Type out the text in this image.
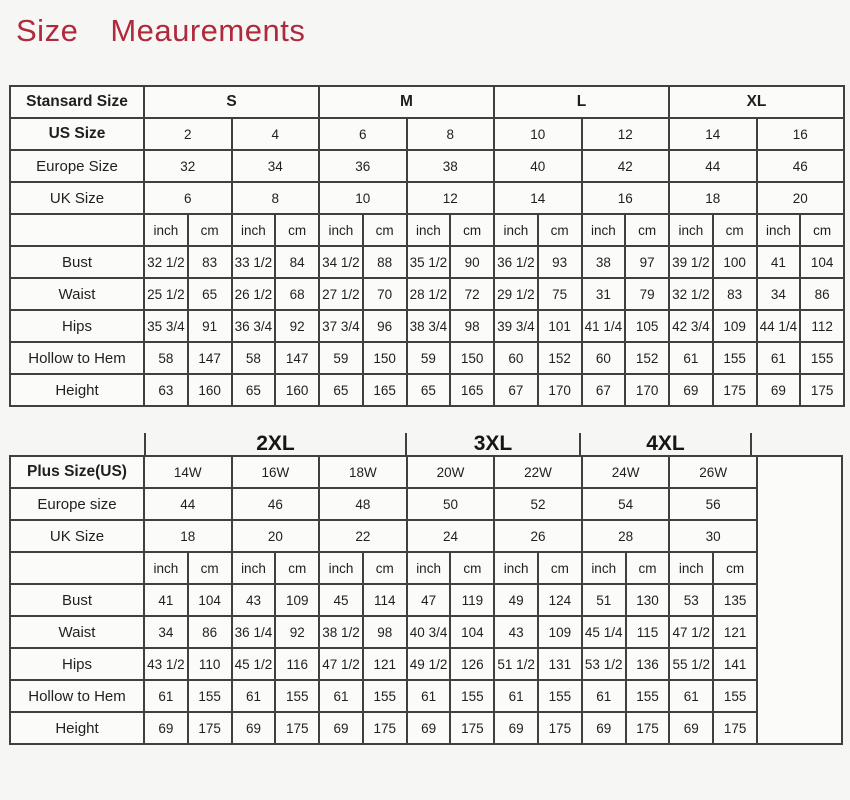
Size Meaurements
Stansard Size	S				M				L				XL			
US Size	2		4		6		8		10		12		14		16	
Europe Size	32		34		36		38		40		42		44		46	
UK Size	6		8		10		12		14		16		18		20	
	inch	cm	inch	cm	inch	cm	inch	cm	inch	cm	inch	cm	inch	cm	inch	cm
Bust	32 1/2	83	33 1/2	84	34 1/2	88	35 1/2	90	36 1/2	93	38	97	39 1/2	100	41	104
Waist	25 1/2	65	26 1/2	68	27 1/2	70	28 1/2	72	29 1/2	75	31	79	32 1/2	83	34	86
Hips	35 3/4	91	36 3/4	92	37 3/4	96	38 3/4	98	39 3/4	101	41 1/4	105	42 3/4	109	44 1/4	112
Hollow to Hem	58	147	58	147	59	150	59	150	60	152	60	152	61	155	61	155
Height	63	160	65	160	65	165	65	165	67	170	67	170	69	175	69	175
2XL	3XL	4XL
Plus Size(US)	14W		16W		18W		20W		22W		24W		26W		
Europe size	44		46		48		50		52		54		56		
UK Size	18		20		22		24		26		28		30		
	inch	cm	inch	cm	inch	cm	inch	cm	inch	cm	inch	cm	inch	cm	
Bust	41	104	43	109	45	114	47	119	49	124	51	130	53	135	
Waist	34	86	36 1/4	92	38 1/2	98	40 3/4	104	43	109	45 1/4	115	47 1/2	121	
Hips	43 1/2	110	45 1/2	116	47 1/2	121	49 1/2	126	51 1/2	131	53 1/2	136	55 1/2	141	
Hollow to Hem	61	155	61	155	61	155	61	155	61	155	61	155	61	155	
Height	69	175	69	175	69	175	69	175	69	175	69	175	69	175	
